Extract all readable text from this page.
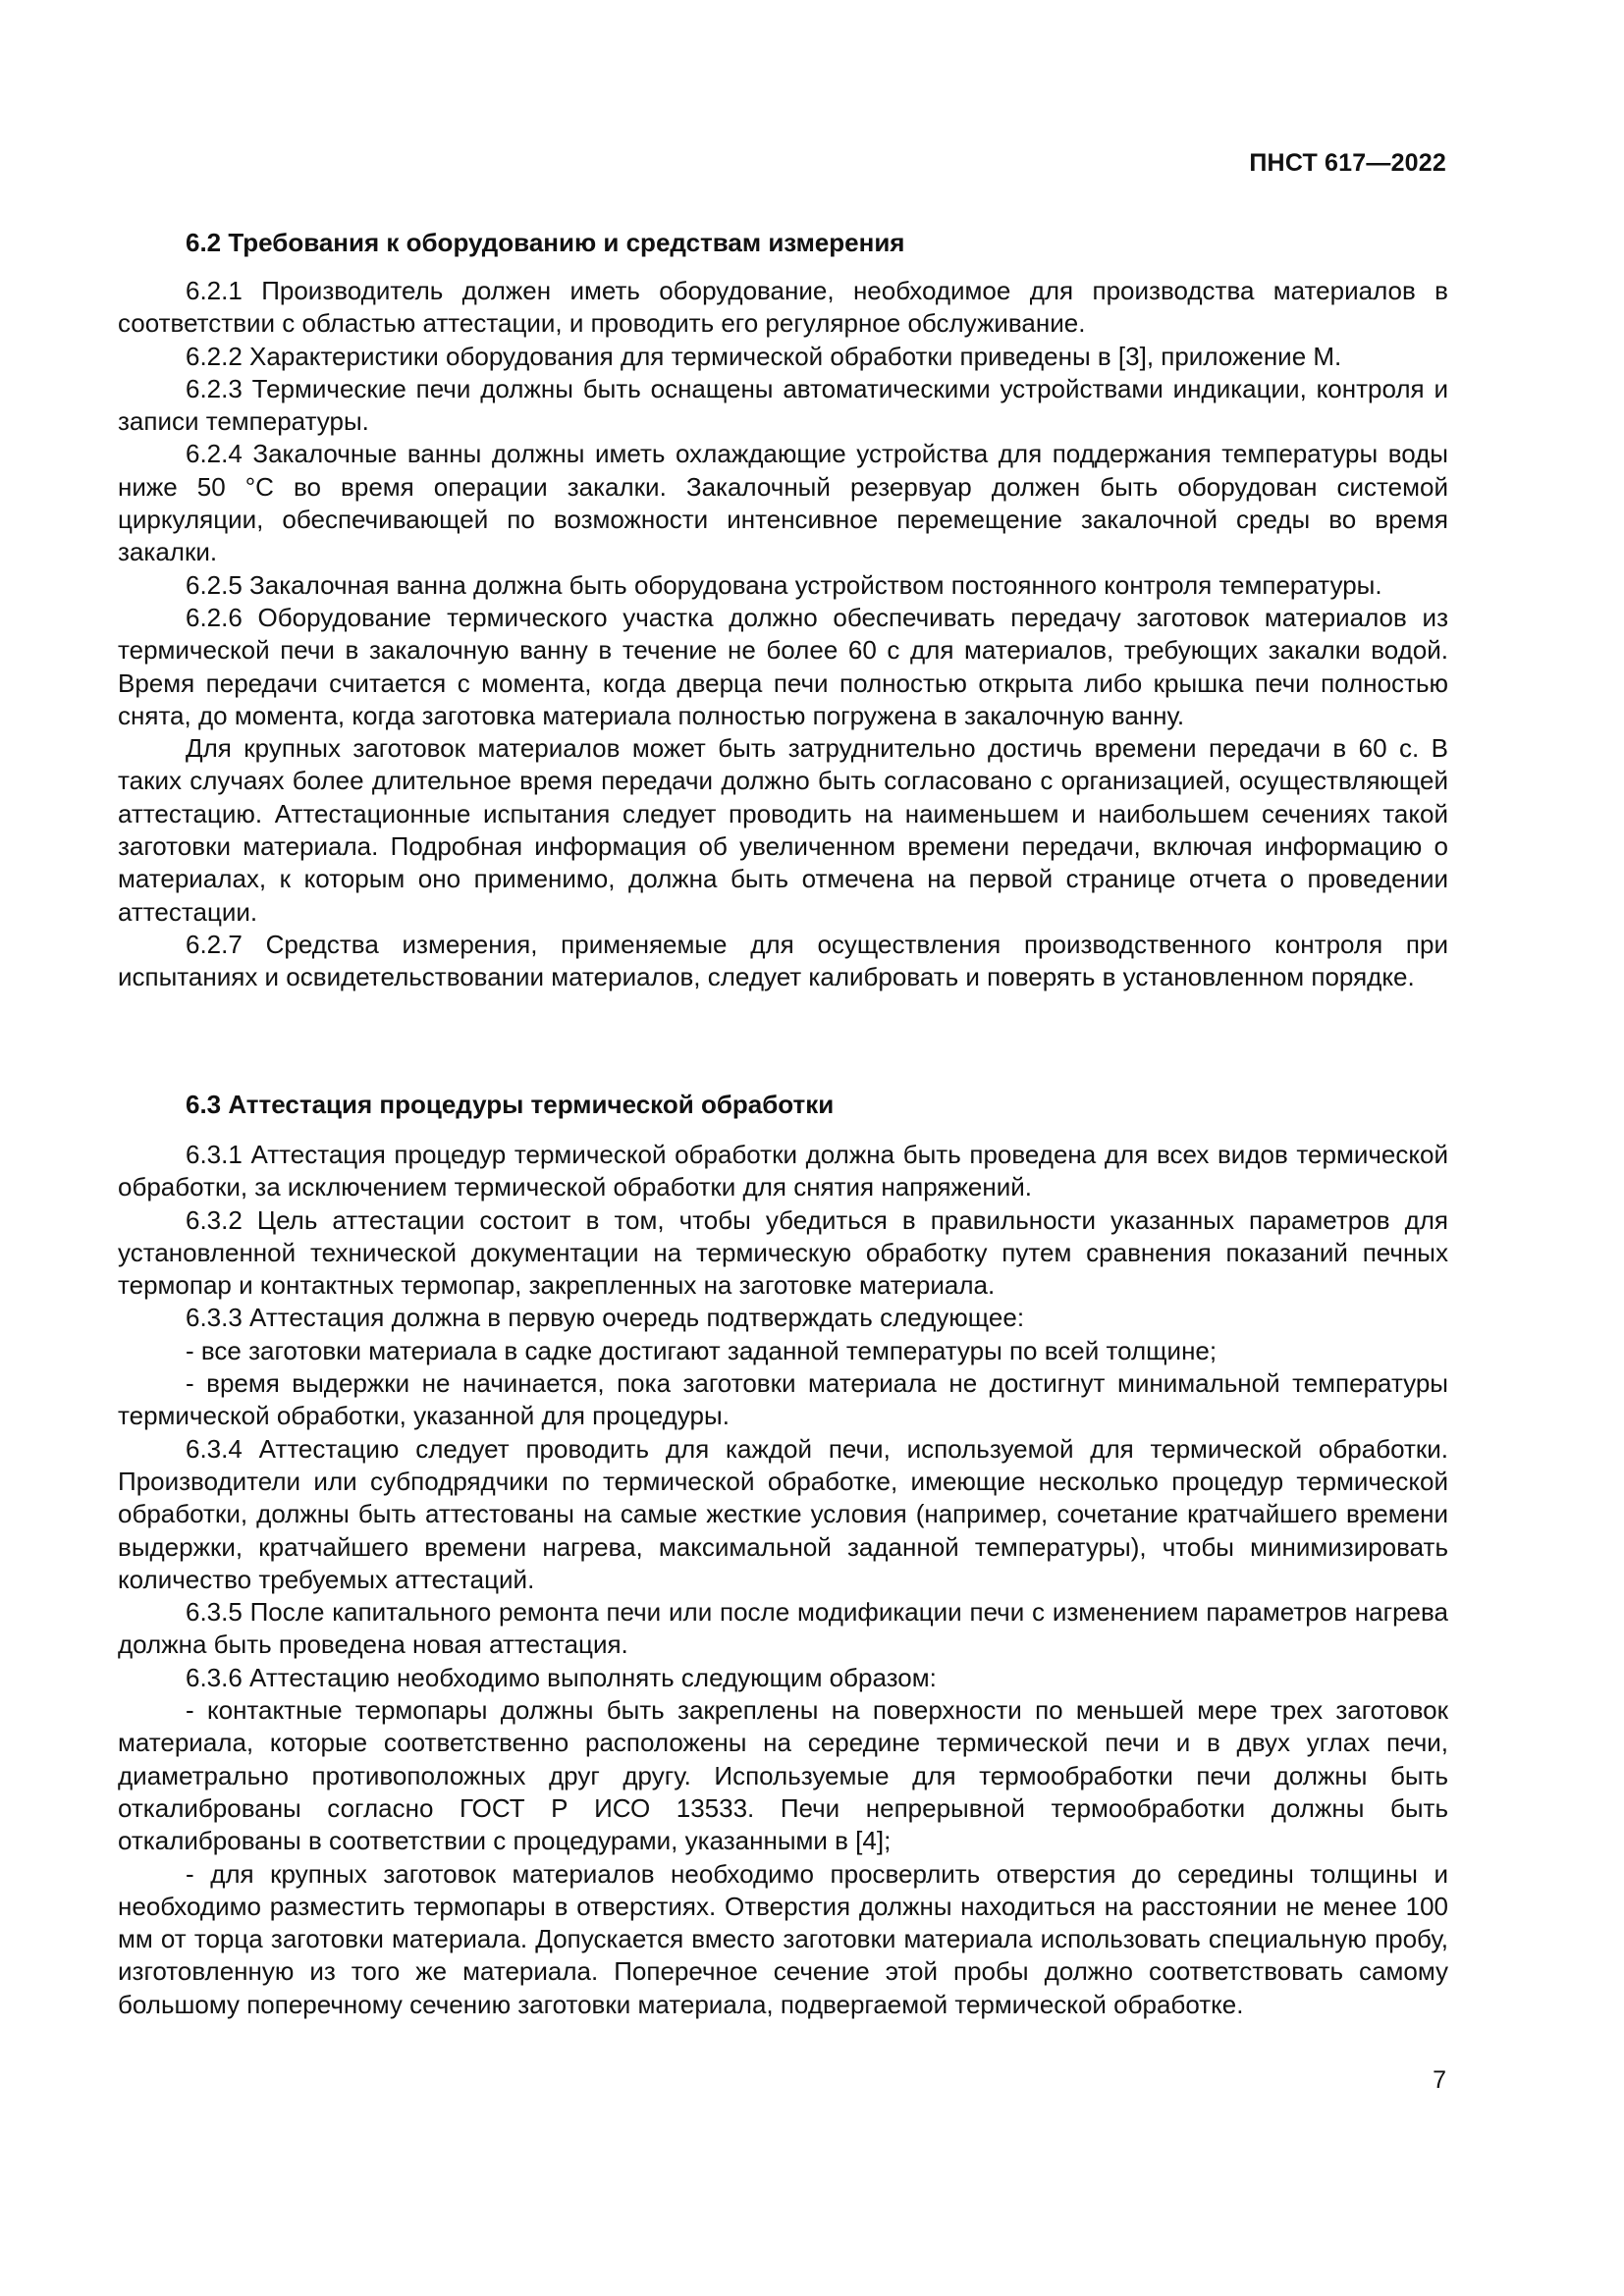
ПНСТ 617—2022
6.2 Требования к оборудованию и средствам измерения

6.2.1 Производитель должен иметь оборудование, необходимое для производства материалов в соответствии с областью аттестации, и проводить его регулярное обслуживание.

6.2.2 Характеристики оборудования для термической обработки приведены в [3], приложение М.

6.2.3 Термические печи должны быть оснащены автоматическими устройствами индикации, контроля и записи температуры.

6.2.4 Закалочные ванны должны иметь охлаждающие устройства для поддержания температуры воды ниже 50 °С во время операции закалки. Закалочный резервуар должен быть оборудован системой циркуляции, обеспечивающей по возможности интенсивное перемещение закалочной среды во время закалки.

6.2.5 Закалочная ванна должна быть оборудована устройством постоянного контроля температуры.

6.2.6 Оборудование термического участка должно обеспечивать передачу заготовок материалов из термической печи в закалочную ванну в течение не более 60 с для материалов, требующих закалки водой. Время передачи считается с момента, когда дверца печи полностью открыта либо крышка печи полностью снята, до момента, когда заготовка материала полностью погружена в закалочную ванну.

Для крупных заготовок материалов может быть затруднительно достичь времени передачи в 60 с. В таких случаях более длительное время передачи должно быть согласовано с организацией, осуществляющей аттестацию. Аттестационные испытания следует проводить на наименьшем и наибольшем сечениях такой заготовки материала. Подробная информация об увеличенном времени передачи, включая информацию о материалах, к которым оно применимо, должна быть отмечена на первой странице отчета о проведении аттестации.

6.2.7 Средства измерения, применяемые для осуществления производственного контроля при испытаниях и освидетельствовании материалов, следует калибровать и поверять в установленном порядке.

6.3 Аттестация процедуры термической обработки

6.3.1 Аттестация процедур термической обработки должна быть проведена для всех видов термической обработки, за исключением термической обработки для снятия напряжений.

6.3.2 Цель аттестации состоит в том, чтобы убедиться в правильности указанных параметров для установленной технической документации на термическую обработку путем сравнения показаний печных термопар и контактных термопар, закрепленных на заготовке материала.

6.3.3 Аттестация должна в первую очередь подтверждать следующее:

- все заготовки материала в садке достигают заданной температуры по всей толщине;

- время выдержки не начинается, пока заготовки материала не достигнут минимальной температуры термической обработки, указанной для процедуры.

6.3.4 Аттестацию следует проводить для каждой печи, используемой для термической обработки. Производители или субподрядчики по термической обработке, имеющие несколько процедур термической обработки, должны быть аттестованы на самые жесткие условия (например, сочетание кратчайшего времени выдержки, кратчайшего времени нагрева, максимальной заданной температуры), чтобы минимизировать количество требуемых аттестаций.

6.3.5 После капитального ремонта печи или после модификации печи с изменением параметров нагрева должна быть проведена новая аттестация.

6.3.6 Аттестацию необходимо выполнять следующим образом:

- контактные термопары должны быть закреплены на поверхности по меньшей мере трех заготовок материала, которые соответственно расположены на середине термической печи и в двух углах печи, диаметрально противоположных друг другу. Используемые для термообработки печи должны быть откалиброваны согласно ГОСТ Р ИСО 13533. Печи непрерывной термообработки должны быть откалиброваны в соответствии с процедурами, указанными в [4];

- для крупных заготовок материалов необходимо просверлить отверстия до середины толщины и необходимо разместить термопары в отверстиях. Отверстия должны находиться на расстоянии не менее 100 мм от торца заготовки материала. Допускается вместо заготовки материала использовать специальную пробу, изготовленную из того же материала. Поперечное сечение этой пробы должно соответствовать самому большому поперечному сечению заготовки материала, подвергаемой термической обработке.

7
